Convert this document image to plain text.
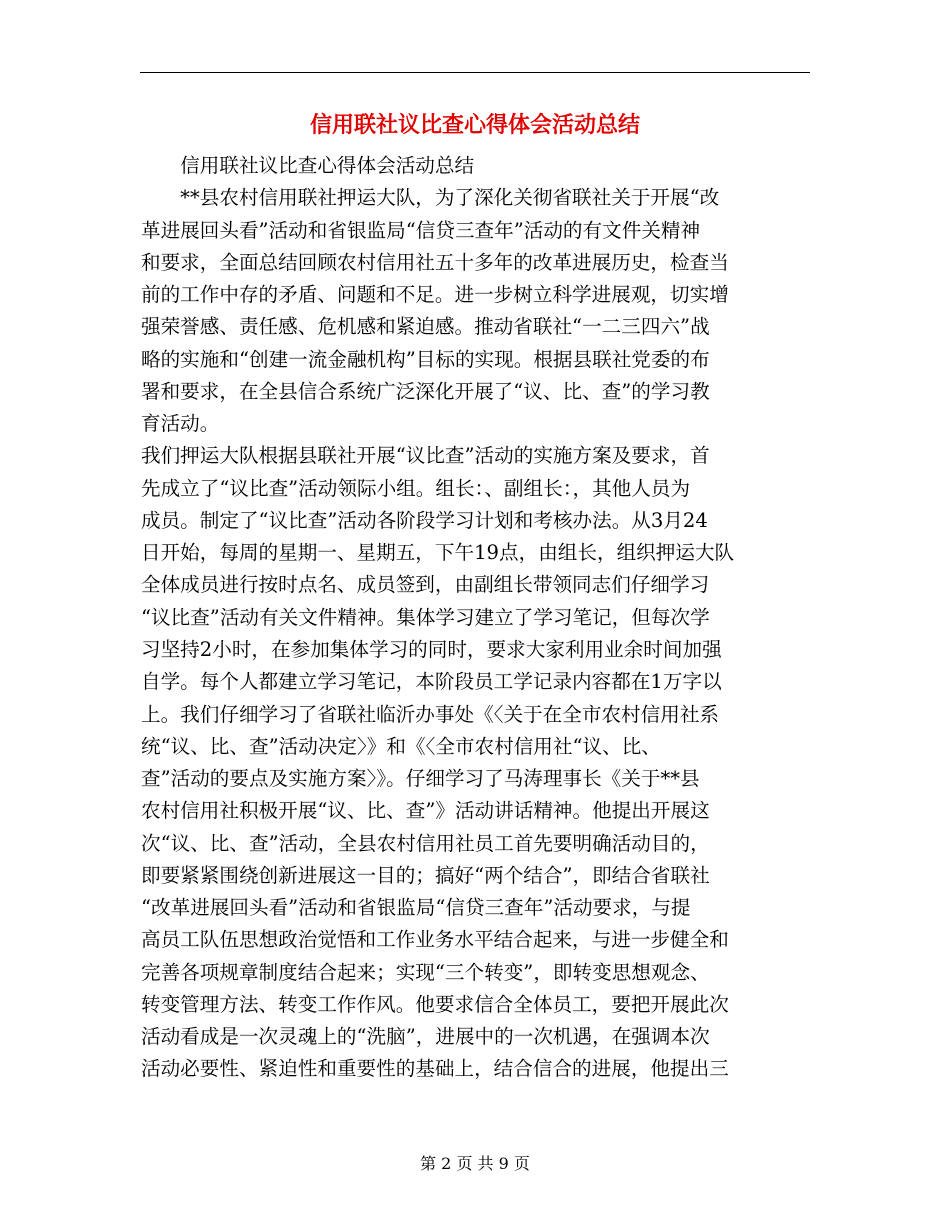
信用联社议比查心得体会活动总结
　　信用联社议比查心得体会活动总结
　　**县农村信用联社押运大队，为了深化关彻省联社关于开展“改
革进展回头看”活动和省银监局“信贷三查年”活动的有文件关精神
和要求，全面总结回顾农村信用社五十多年的改革进展历史，检查当
前的工作中存的矛盾、问题和不足。进一步树立科学进展观，切实增
强荣誉感、责任感、危机感和紧迫感。推动省联社“一二三四六”战
略的实施和“创建一流金融机构”目标的实现。根据县联社党委的布
署和要求，在全县信合系统广泛深化开展了“议、比、查”的学习教
育活动。
我们押运大队根据县联社开展“议比查”活动的实施方案及要求，首
先成立了“议比查”活动领际小组。组长：、副组长：，其他人员为
成员。制定了“议比查”活动各阶段学习计划和考核办法。从3月24
日开始，每周的星期一、星期五，下午19点，由组长，组织押运大队
全体成员进行按时点名、成员签到，由副组长带领同志们仔细学习
“议比查”活动有关文件精神。集体学习建立了学习笔记，但每次学
习坚持2小时，在参加集体学习的同时，要求大家利用业余时间加强
自学。每个人都建立学习笔记，本阶段员工学记录内容都在1万字以
上。我们仔细学习了省联社临沂办事处《〈关于在全市农村信用社系
统“议、比、查”活动决定〉》和《〈全市农村信用社“议、比、
查”活动的要点及实施方案〉》。仔细学习了马涛理事长《关于**县
农村信用社积极开展“议、比、查”》活动讲话精神。他提出开展这
次“议、比、查”活动，全县农村信用社员工首先要明确活动目的，
即要紧紧围绕创新进展这一目的；搞好“两个结合”，即结合省联社
“改革进展回头看”活动和省银监局“信贷三查年”活动要求，与提
高员工队伍思想政治觉悟和工作业务水平结合起来，与进一步健全和
完善各项规章制度结合起来；实现“三个转变”，即转变思想观念、
转变管理方法、转变工作作风。他要求信合全体员工，要把开展此次
活动看成是一次灵魂上的“洗脑”，进展中的一次机遇，在强调本次
活动必要性、紧迫性和重要性的基础上，结合信合的进展，他提出三
第 2 页 共 9 页
